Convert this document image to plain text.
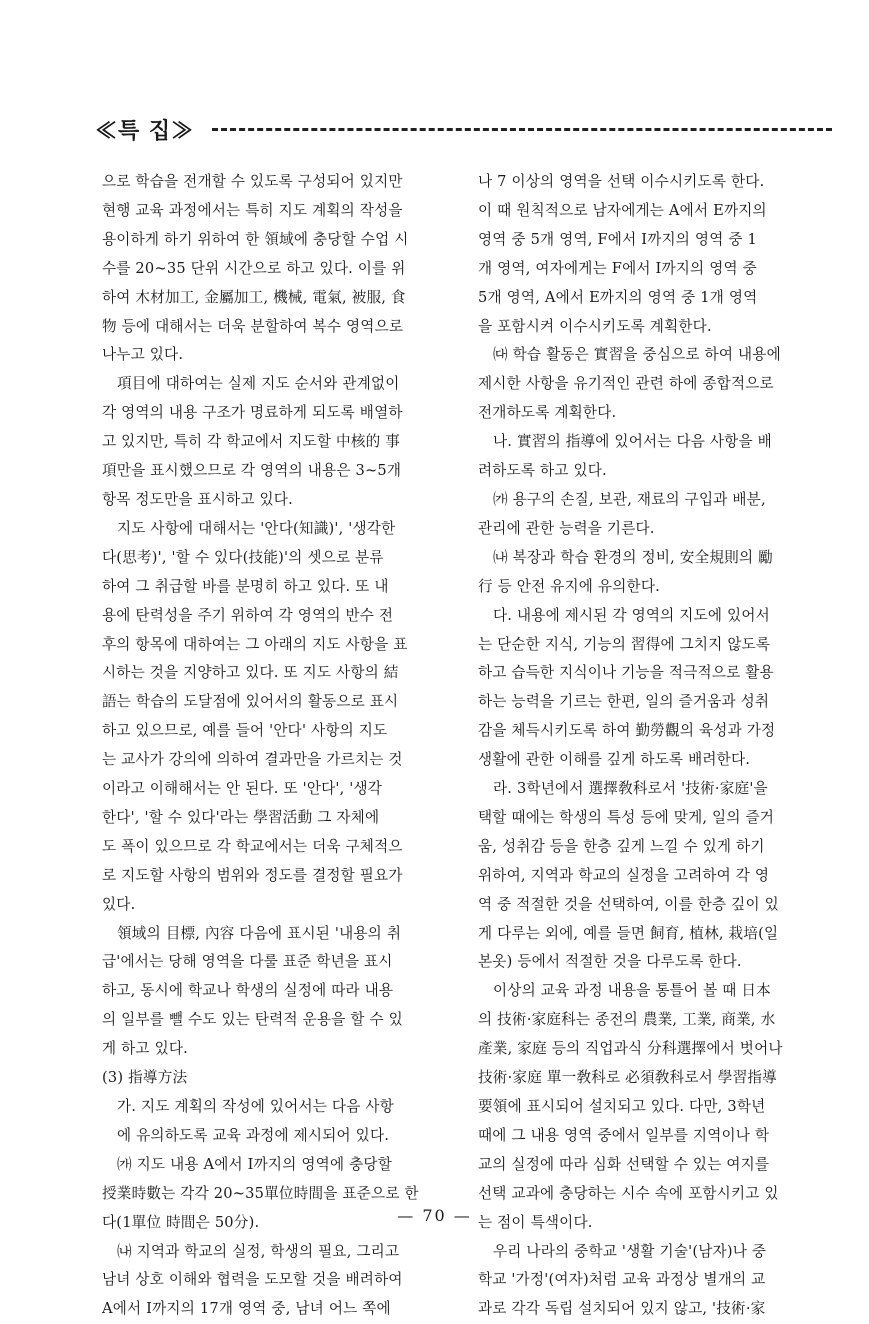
≪특 집≫
으로 학습을 전개할 수 있도록 구성되어 있지만
현행 교육 과정에서는 특히 지도 계획의 작성을
용이하게 하기 위하여 한 領域에 충당할 수업 시
수를 20~35 단위 시간으로 하고 있다. 이를 위
하여 木材加工, 金屬加工, 機械, 電氣, 被服, 食
物 등에 대해서는 더욱 분할하여 복수 영역으로
나누고 있다.
項目에 대하여는 실제 지도 순서와 관계없이
각 영역의 내용 구조가 명료하게 되도록 배열하
고 있지만, 특히 각 학교에서 지도할 中核的 事
項만을 표시했으므로 각 영역의 내용은 3~5개
항목 정도만을 표시하고 있다.
지도 사항에 대해서는 '안다(知識)', '생각한
다(思考)', '할 수 있다(技能)'의 셋으로 분류
하여 그 취급할 바를 분명히 하고 있다. 또 내
용에 탄력성을 주기 위하여 각 영역의 반수 전
후의 항목에 대하여는 그 아래의 지도 사항을 표
시하는 것을 지양하고 있다. 또 지도 사항의 結
語는 학습의 도달점에 있어서의 활동으로 표시
하고 있으므로, 예를 들어 '안다' 사항의 지도
는 교사가 강의에 의하여 결과만을 가르치는 것
이라고 이해해서는 안 된다. 또 '안다', '생각
한다', '할 수 있다'라는 學習活動 그 자체에
도 폭이 있으므로 각 학교에서는 더욱 구체적으
로 지도할 사항의 범위와 정도를 결정할 필요가
있다.
領域의 目標, 內容 다음에 표시된 '내용의 취
급'에서는 당해 영역을 다룰 표준 학년을 표시
하고, 동시에 학교나 학생의 실정에 따라 내용
의 일부를 뺄 수도 있는 탄력적 운용을 할 수 있
게 하고 있다.
(3) 指導方法
가. 지도 계획의 작성에 있어서는 다음 사항
에 유의하도록 교육 과정에 제시되어 있다.
㈎ 지도 내용 A에서 I까지의 영역에 충당할
授業時數는 각각 20~35單位時間을 표준으로 한
다(1單位 時間은 50分).
㈏ 지역과 학교의 실정, 학생의 필요, 그리고
남녀 상호 이해와 협력을 도모할 것을 배려하여
A에서 I까지의 17개 영역 중, 남녀 어느 쪽에
나 7 이상의 영역을 선택 이수시키도록 한다.
이 때 원칙적으로 남자에게는 A에서 E까지의
영역 중 5개 영역, F에서 I까지의 영역 중 1
개 영역, 여자에게는 F에서 I까지의 영역 중
5개 영역, A에서 E까지의 영역 중 1개 영역
을 포함시켜 이수시키도록 계획한다.
㈐ 학습 활동은 實習을 중심으로 하여 내용에
제시한 사항을 유기적인 관련 하에 종합적으로
전개하도록 계획한다.
나. 實習의 指導에 있어서는 다음 사항을 배
려하도록 하고 있다.
㈎ 용구의 손질, 보관, 재료의 구입과 배분,
관리에 관한 능력을 기른다.
㈏ 복장과 학습 환경의 정비, 安全規則의 勵
行 등 안전 유지에 유의한다.
다. 내용에 제시된 각 영역의 지도에 있어서
는 단순한 지식, 기능의 習得에 그치지 않도록
하고 습득한 지식이나 기능을 적극적으로 활용
하는 능력을 기르는 한편, 일의 즐거움과 성취
감을 체득시키도록 하여 勤勞觀의 육성과 가정
생활에 관한 이해를 깊게 하도록 배려한다.
라. 3학년에서 選擇敎科로서 '技術·家庭'을
택할 때에는 학생의 특성 등에 맞게, 일의 즐거
움, 성취감 등을 한층 깊게 느낄 수 있게 하기
위하여, 지역과 학교의 실정을 고려하여 각 영
역 중 적절한 것을 선택하여, 이를 한층 깊이 있
게 다루는 외에, 예를 들면 飼育, 植林, 栽培(일
본옷) 등에서 적절한 것을 다루도록 한다.
이상의 교육 과정 내용을 통틀어 볼 때 日本
의 技術·家庭科는 종전의 農業, 工業, 商業, 水
產業, 家庭 등의 직업과식 分科選擇에서 벗어나
技術·家庭 單一敎科로 必須敎科로서 學習指導
要領에 표시되어 설치되고 있다. 다만, 3학년
때에 그 내용 영역 중에서 일부를 지역이나 학
교의 실정에 따라 심화 선택할 수 있는 여지를
선택 교과에 충당하는 시수 속에 포함시키고 있
는 점이 특색이다.
우리 나라의 중학교 '생활 기술'(남자)나 중
학교 '가정'(여자)처럼 교육 과정상 별개의 교
과로 각각 독립 설치되어 있지 않고, '技術·家
— 70 —
